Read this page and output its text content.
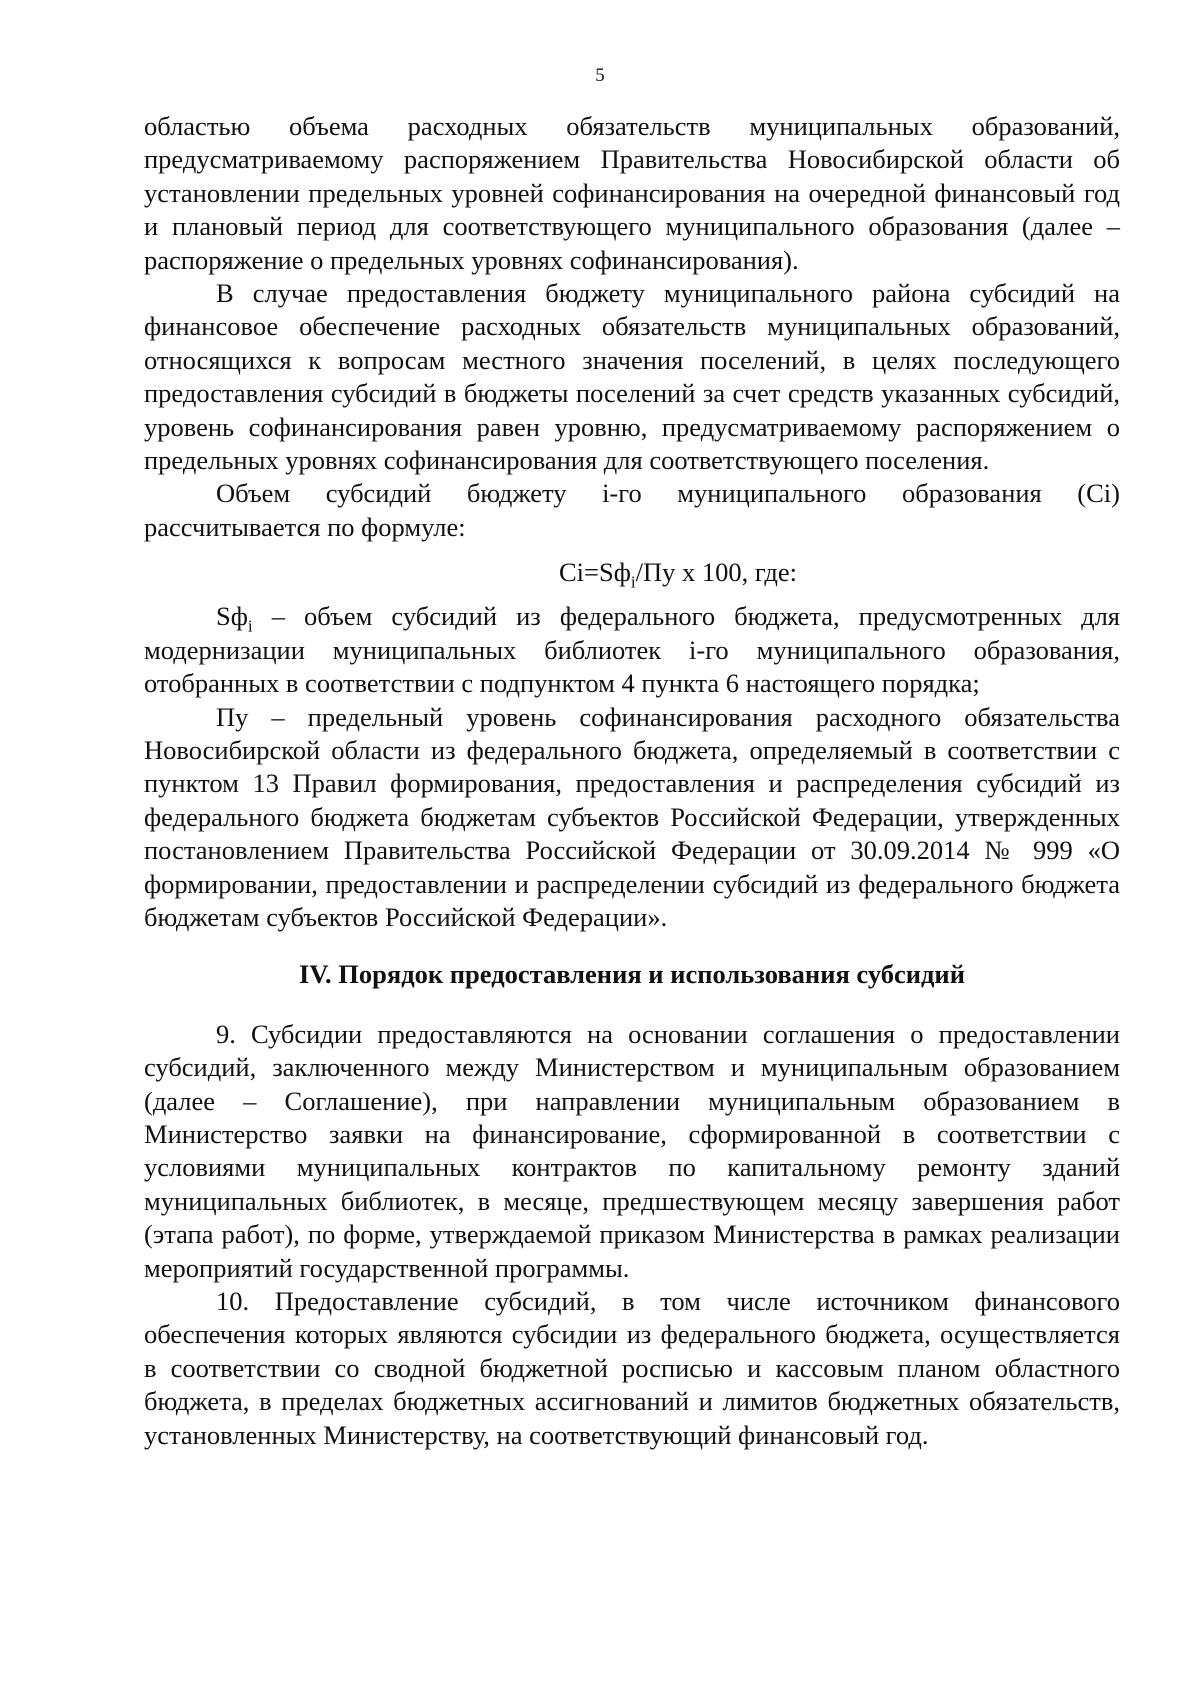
5

областью объема расходных обязательств муниципальных образований, предусматриваемому распоряжением Правительства Новосибирской области об установлении предельных уровней софинансирования на очередной финансовый год и плановый период для соответствующего муниципального образования (далее – распоряжение о предельных уровнях софинансирования).

В случае предоставления бюджету муниципального района субсидий на финансовое обеспечение расходных обязательств муниципальных образований, относящихся к вопросам местного значения поселений, в целях последующего предоставления субсидий в бюджеты поселений за счет средств указанных субсидий, уровень софинансирования равен уровню, предусматриваемому распоряжением о предельных уровнях софинансирования для соответствующего поселения.

Объем субсидий бюджету i-го муниципального образования (Ci) рассчитывается по формуле:

$Ci=Sф_i/Пу$ х 100, где:

$Sф_i$ – объем субсидий из федерального бюджета, предусмотренных для модернизации муниципальных библиотек i-го муниципального образования, отобранных в соответствии с подпунктом 4 пункта 6 настоящего порядка;

Пу – предельный уровень софинансирования расходного обязательства Новосибирской области из федерального бюджета, определяемый в соответствии с пунктом 13 Правил формирования, предоставления и распределения субсидий из федерального бюджета бюджетам субъектов Российской Федерации, утвержденных постановлением Правительства Российской Федерации от 30.09.2014 № 999 «О формировании, предоставлении и распределении субсидий из федерального бюджета бюджетам субъектов Российской Федерации».

IV. Порядок предоставления и использования субсидий

9. Субсидии предоставляются на основании соглашения о предоставлении субсидий, заключенного между Министерством и муниципальным образованием (далее – Соглашение), при направлении муниципальным образованием в Министерство заявки на финансирование, сформированной в соответствии с условиями муниципальных контрактов по капитальному ремонту зданий муниципальных библиотек, в месяце, предшествующем месяцу завершения работ (этапа работ), по форме, утверждаемой приказом Министерства в рамках реализации мероприятий государственной программы.

10. Предоставление субсидий, в том числе источником финансового обеспечения которых являются субсидии из федерального бюджета, осуществляется в соответствии со сводной бюджетной росписью и кассовым планом областного бюджета, в пределах бюджетных ассигнований и лимитов бюджетных обязательств, установленных Министерству, на соответствующий финансовый год.
